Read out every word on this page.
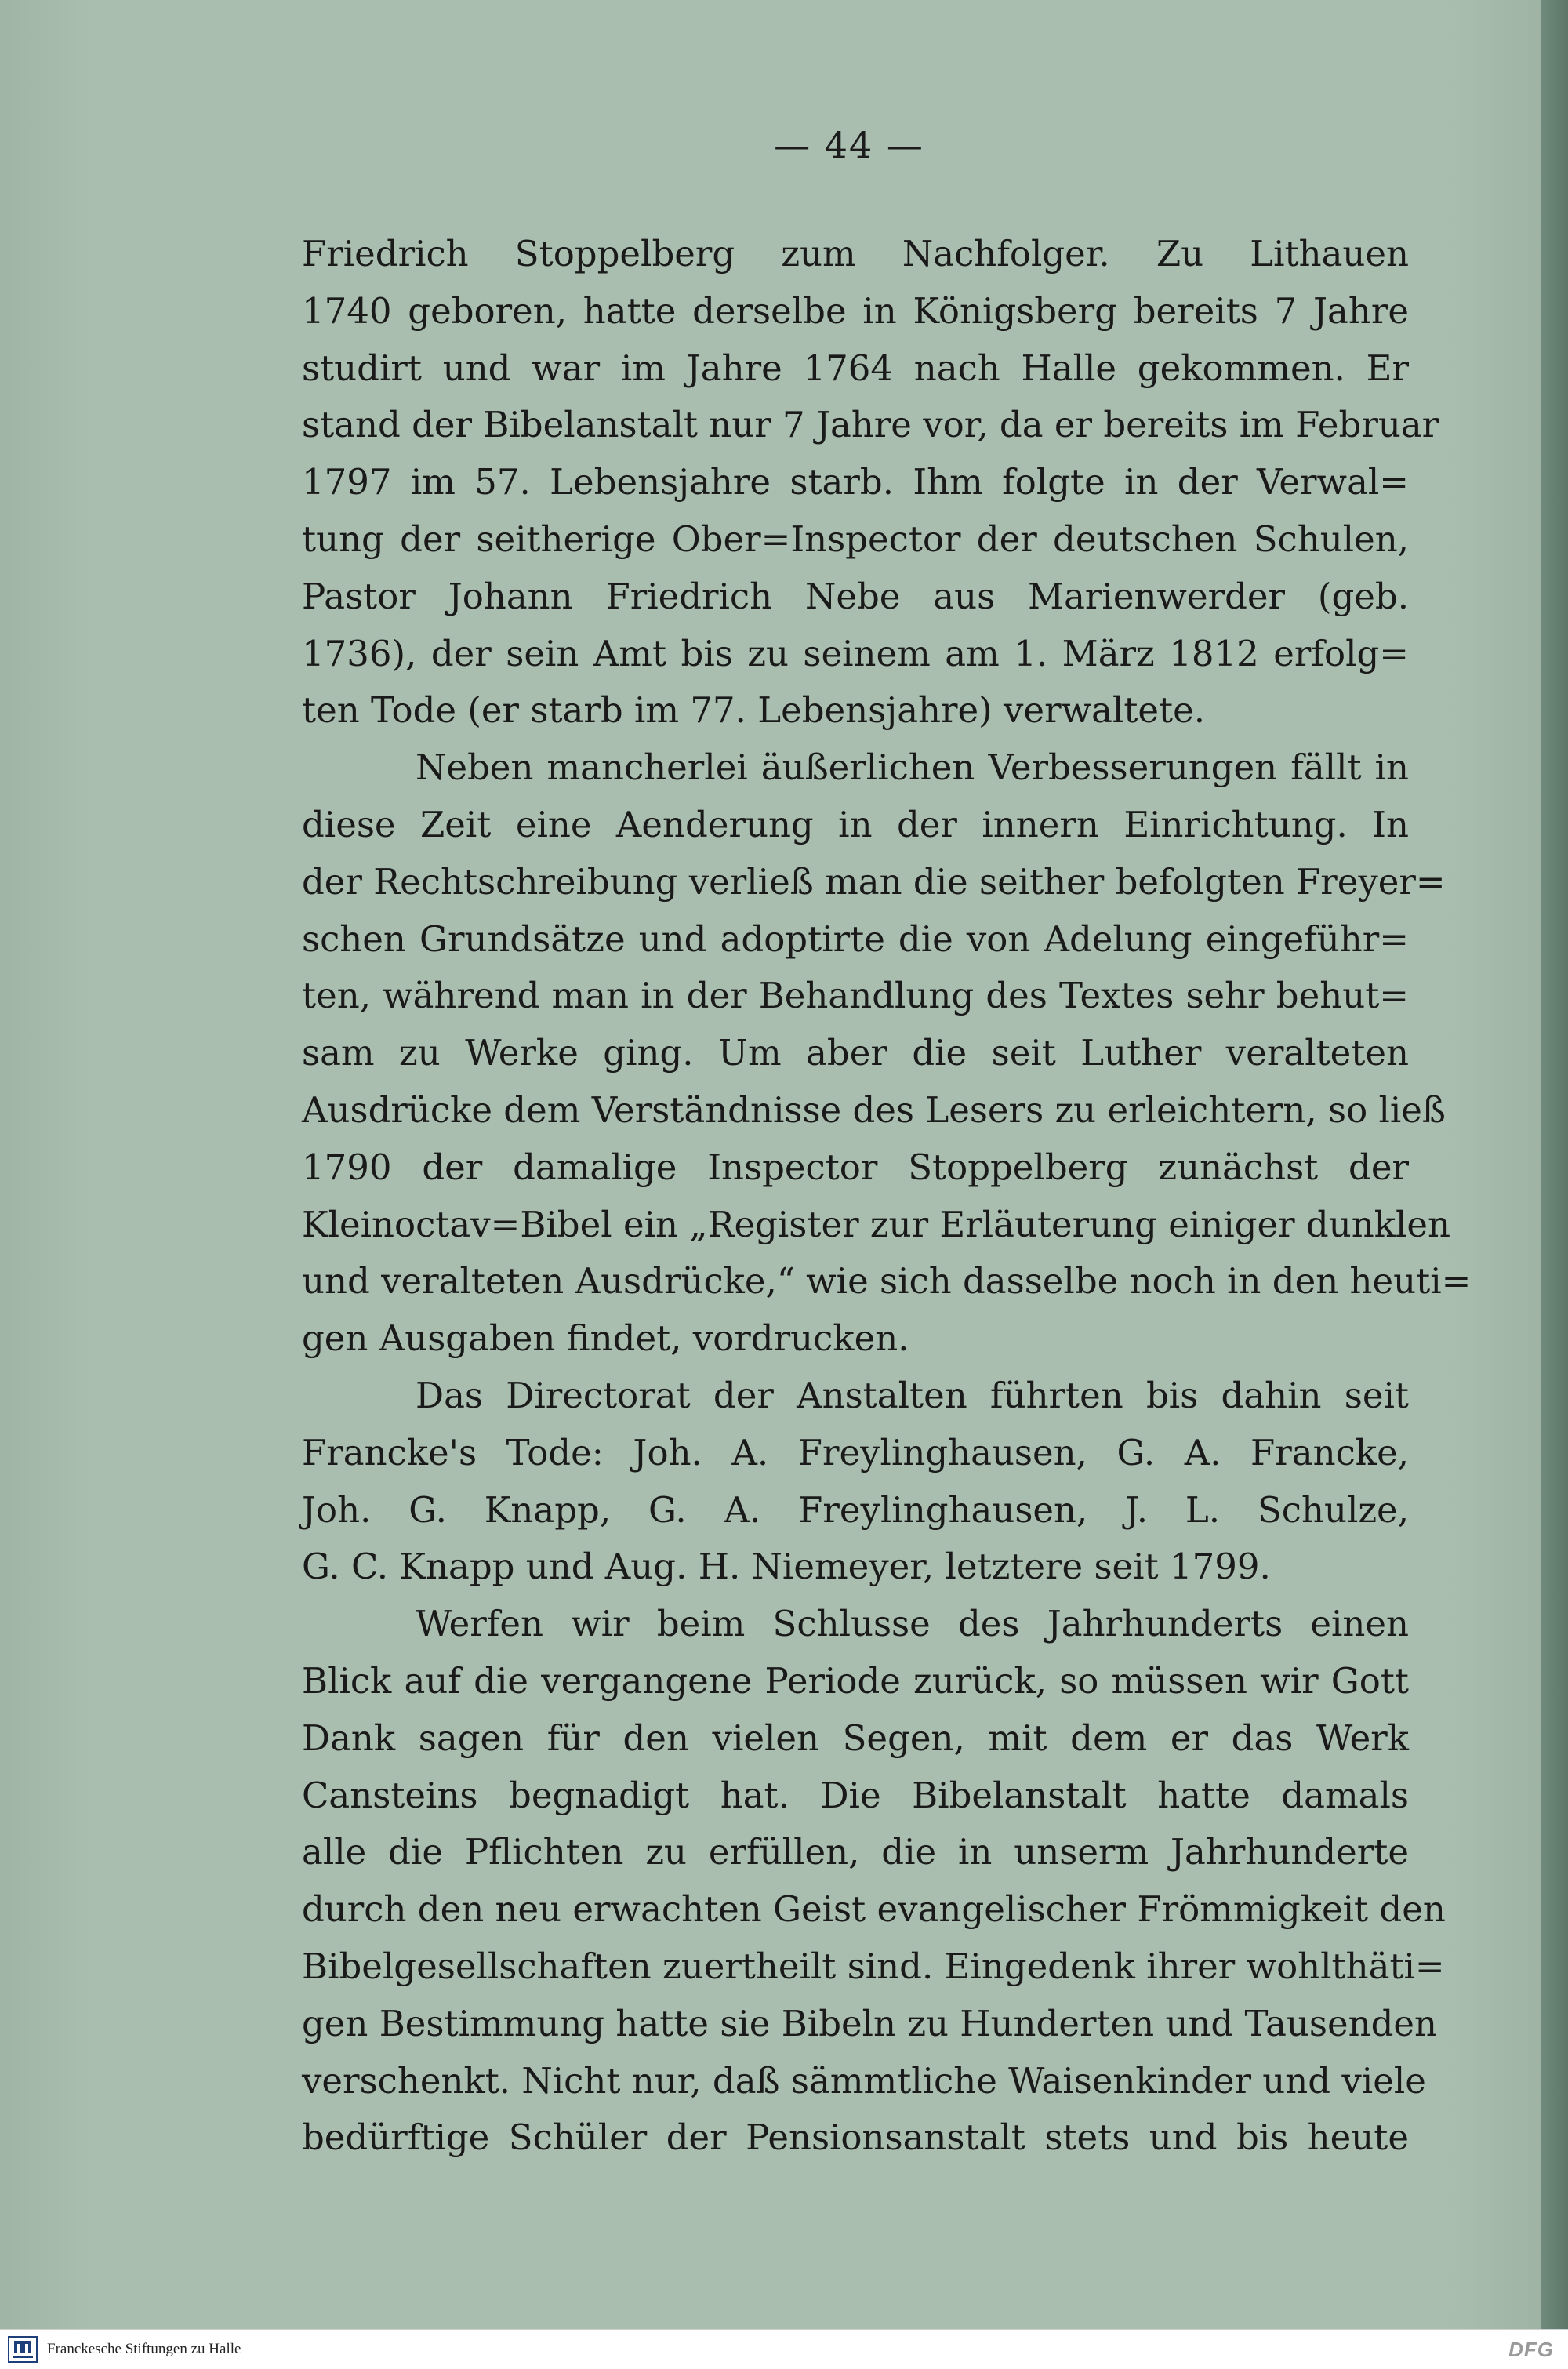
— 44 —
Friedrich Stoppelberg zum Nachfolger. Zu Lithauen
1740 geboren, hatte derselbe in Königsberg bereits 7 Jahre
studirt und war im Jahre 1764 nach Halle gekommen. Er
stand der Bibelanstalt nur 7 Jahre vor, da er bereits im Februar
1797 im 57. Lebensjahre starb. Ihm folgte in der Verwal=
tung der seitherige Ober=Inspector der deutschen Schulen,
Pastor Johann Friedrich Nebe aus Marienwerder (geb.
1736), der sein Amt bis zu seinem am 1. März 1812 erfolg=
ten Tode (er starb im 77. Lebensjahre) verwaltete.
Neben mancherlei äußerlichen Verbesserungen fällt in
diese Zeit eine Aenderung in der innern Einrichtung. In
der Rechtschreibung verließ man die seither befolgten Freyer=
schen Grundsätze und adoptirte die von Adelung eingeführ=
ten, während man in der Behandlung des Textes sehr behut=
sam zu Werke ging. Um aber die seit Luther veralteten
Ausdrücke dem Verständnisse des Lesers zu erleichtern, so ließ
1790 der damalige Inspector Stoppelberg zunächst der
Kleinoctav=Bibel ein „Register zur Erläuterung einiger dunklen
und veralteten Ausdrücke,“ wie sich dasselbe noch in den heuti=
gen Ausgaben findet, vordrucken.
Das Directorat der Anstalten führten bis dahin seit
Francke's Tode: Joh. A. Freylinghausen, G. A. Francke,
Joh. G. Knapp, G. A. Freylinghausen, J. L. Schulze,
G. C. Knapp und Aug. H. Niemeyer, letztere seit 1799.
Werfen wir beim Schlusse des Jahrhunderts einen
Blick auf die vergangene Periode zurück, so müssen wir Gott
Dank sagen für den vielen Segen, mit dem er das Werk
Cansteins begnadigt hat. Die Bibelanstalt hatte damals
alle die Pflichten zu erfüllen, die in unserm Jahrhunderte
durch den neu erwachten Geist evangelischer Frömmigkeit den
Bibelgesellschaften zuertheilt sind. Eingedenk ihrer wohlthäti=
gen Bestimmung hatte sie Bibeln zu Hunderten und Tausenden
verschenkt. Nicht nur, daß sämmtliche Waisenkinder und viele
bedürftige Schüler der Pensionsanstalt stets und bis heute
Franckesche Stiftungen zu Halle	DFG
